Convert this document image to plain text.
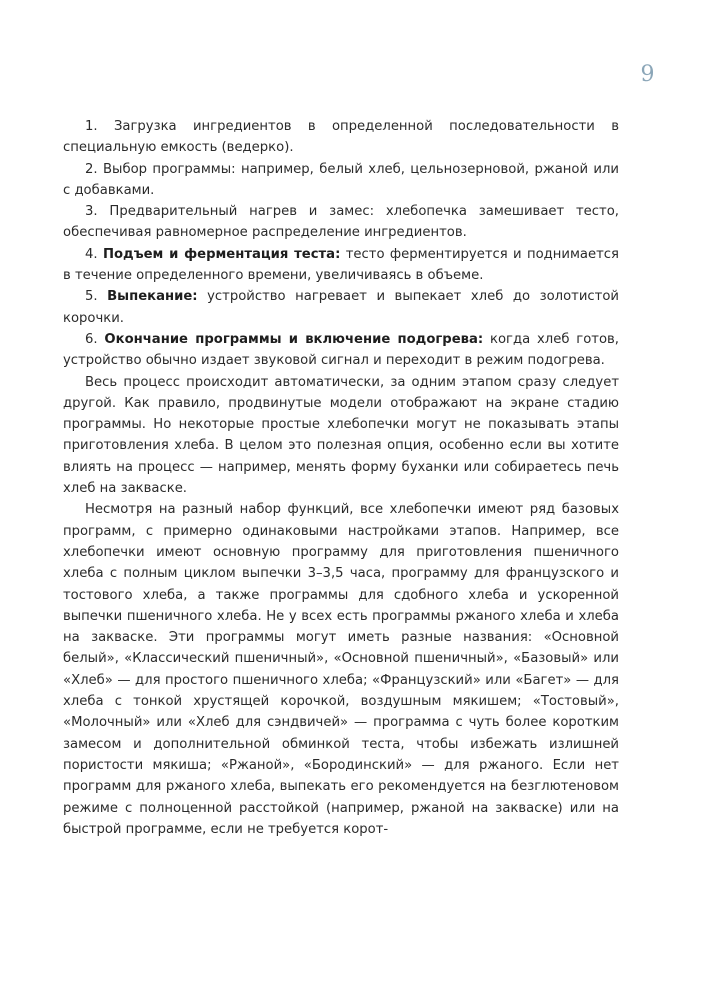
9

1. Загрузка ингредиентов в определенной последовательности в специальную емкость (ведерко).

2. Выбор программы: например, белый хлеб, цельнозерновой, ржаной или с добавками.

3. Предварительный нагрев и замес: хлебопечка замешивает тесто, обеспечивая равномерное распределение ингредиентов.

4. Подъем и ферментация теста: тесто ферментируется и поднимается в течение определенного времени, увеличиваясь в объеме.

5. Выпекание: устройство нагревает и выпекает хлеб до золотистой корочки.

6. Окончание программы и включение подогрева: когда хлеб готов, устройство обычно издает звуковой сигнал и переходит в режим подогрева.

Весь процесс происходит автоматически, за одним этапом сразу следует другой. Как правило, продвинутые модели отображают на экране стадию программы. Но некоторые простые хлебопечки могут не показывать этапы приготовления хлеба. В целом это полезная опция, особенно если вы хотите влиять на процесс — например, менять форму буханки или собираетесь печь хлеб на закваске.

Несмотря на разный набор функций, все хлебопечки имеют ряд базовых программ, с примерно одинаковыми настройками этапов. Например, все хлебопечки имеют основную программу для приготовления пшеничного хлеба с полным циклом выпечки 3–3,5 часа, программу для французского и тостового хлеба, а также программы для сдобного хлеба и ускоренной выпечки пшеничного хлеба. Не у всех есть программы ржаного хлеба и хлеба на закваске. Эти программы могут иметь разные названия: «Основной белый», «Классический пшеничный», «Основной пшеничный», «Базовый» или «Хлеб» — для простого пшеничного хлеба; «Французский» или «Багет» — для хлеба с тонкой хрустящей корочкой, воздушным мякишем; «Тостовый», «Молочный» или «Хлеб для сэндвичей» — программа с чуть более коротким замесом и дополнительной обминкой теста, чтобы избежать излишней пористости мякиша; «Ржаной», «Бородинский» — для ржаного. Если нет программ для ржаного хлеба, выпекать его рекомендуется на безглютеновом режиме с полноценной расстойкой (например, ржаной на закваске) или на быстрой программе, если не требуется корот-
